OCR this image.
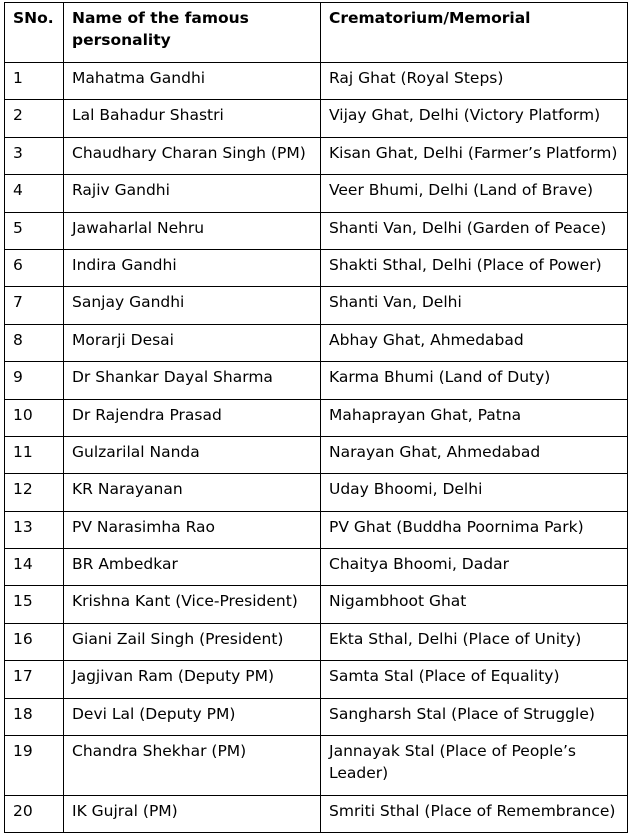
SNo.	Name of the famous personality	Crematorium/Memorial
1	Mahatma Gandhi	Raj Ghat (Royal Steps)
2	Lal Bahadur Shastri	Vijay Ghat, Delhi (Victory Platform)
3	Chaudhary Charan Singh (PM)	Kisan Ghat, Delhi (Farmer’s Platform)
4	Rajiv Gandhi	Veer Bhumi, Delhi (Land of Brave)
5	Jawaharlal Nehru	Shanti Van, Delhi (Garden of Peace)
6	Indira Gandhi	Shakti Sthal, Delhi (Place of Power)
7	Sanjay Gandhi	Shanti Van, Delhi
8	Morarji Desai	Abhay Ghat, Ahmedabad
9	Dr Shankar Dayal Sharma	Karma Bhumi (Land of Duty)
10	Dr Rajendra Prasad	Mahaprayan Ghat, Patna
11	Gulzarilal Nanda	Narayan Ghat, Ahmedabad
12	KR Narayanan	Uday Bhoomi, Delhi
13	PV Narasimha Rao	PV Ghat (Buddha Poornima Park)
14	BR Ambedkar	Chaitya Bhoomi, Dadar
15	Krishna Kant (Vice-President)	Nigambhoot Ghat
16	Giani Zail Singh (President)	Ekta Sthal, Delhi (Place of Unity)
17	Jagjivan Ram (Deputy PM)	Samta Stal (Place of Equality)
18	Devi Lal (Deputy PM)	Sangharsh Stal (Place of Struggle)
19	Chandra Shekhar (PM)	Jannayak Stal (Place of People’s Leader)
20	IK Gujral (PM)	Smriti Sthal (Place of Remembrance)
